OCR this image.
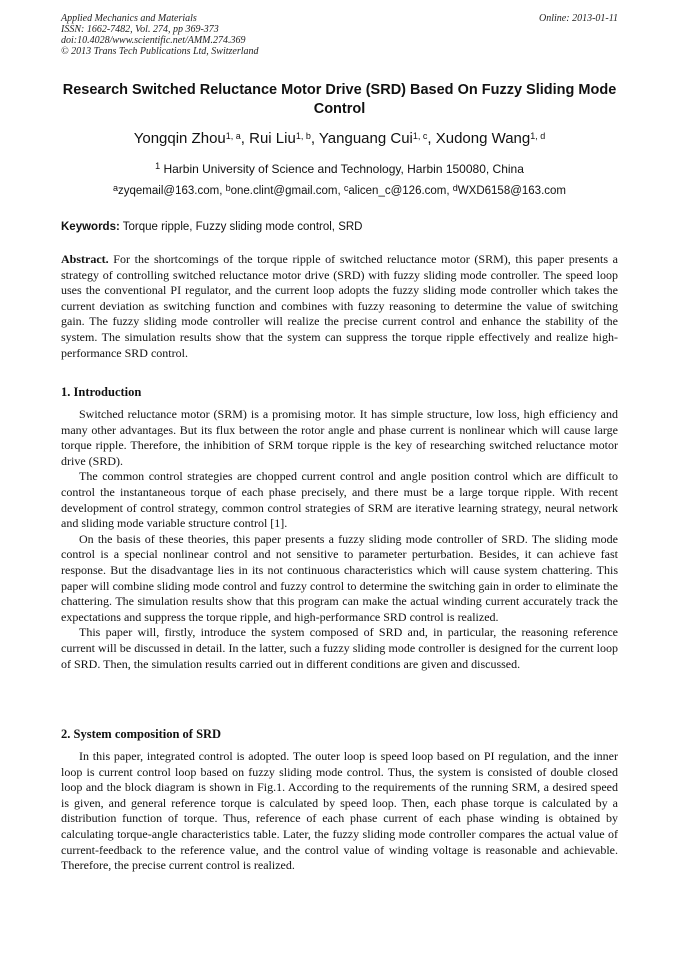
Applied Mechanics and Materials
ISSN: 1662-7482, Vol. 274, pp 369-373
doi:10.4028/www.scientific.net/AMM.274.369
© 2013 Trans Tech Publications Ltd, Switzerland
Online: 2013-01-11
Research Switched Reluctance Motor Drive (SRD) Based On Fuzzy Sliding Mode Control
Yongqin Zhou$^{1, a}$, Rui Liu$^{1, b}$, Yanguang Cui$^{1, c}$, Xudong Wang$^{1, d}$
$^1$ Harbin University of Science and Technology, Harbin 150080, China
$^a$zyqemail@163.com, $^b$one.clint@gmail.com, $^c$alicen_c@126.com, $^d$WXD6158@163.com
Keywords: Torque ripple, Fuzzy sliding mode control, SRD
Abstract. For the shortcomings of the torque ripple of switched reluctance motor (SRM), this paper presents a strategy of controlling switched reluctance motor drive (SRD) with fuzzy sliding mode controller. The speed loop uses the conventional PI regulator, and the current loop adopts the fuzzy sliding mode controller which takes the current deviation as switching function and combines with fuzzy reasoning to determine the value of switching gain. The fuzzy sliding mode controller will realize the precise current control and enhance the stability of the system. The simulation results show that the system can suppress the torque ripple effectively and realize high-performance SRD control.
1. Introduction

Switched reluctance motor (SRM) is a promising motor. It has simple structure, low loss, high efficiency and many other advantages. But its flux between the rotor angle and phase current is nonlinear which will cause large torque ripple. Therefore, the inhibition of SRM torque ripple is the key of researching switched reluctance motor drive (SRD).

The common control strategies are chopped current control and angle position control which are difficult to control the instantaneous torque of each phase precisely, and there must be a large torque ripple. With recent development of control strategy, common control strategies of SRM are iterative learning strategy, neural network and sliding mode variable structure control [1].

On the basis of these theories, this paper presents a fuzzy sliding mode controller of SRD. The sliding mode control is a special nonlinear control and not sensitive to parameter perturbation. Besides, it can achieve fast response. But the disadvantage lies in its not continuous characteristics which will cause system chattering. This paper will combine sliding mode control and fuzzy control to determine the switching gain in order to eliminate the chattering. The simulation results show that this program can make the actual winding current accurately track the expectations and suppress the torque ripple, and high-performance SRD control is realized.

This paper will, firstly, introduce the system composed of SRD and, in particular, the reasoning reference current will be discussed in detail. In the latter, such a fuzzy sliding mode controller is designed for the current loop of SRD. Then, the simulation results carried out in different conditions are given and discussed.

2. System composition of SRD

In this paper, integrated control is adopted. The outer loop is speed loop based on PI regulation, and the inner loop is current control loop based on fuzzy sliding mode control. Thus, the system is consisted of double closed loop and the block diagram is shown in Fig.1. According to the requirements of the running SRM, a desired speed is given, and general reference torque is calculated by speed loop. Then, each phase torque is calculated by a distribution function of torque. Thus, reference of each phase current of each phase winding is obtained by calculating torque-angle characteristics table. Later, the fuzzy sliding mode controller compares the actual value of current-feedback to the reference value, and the control value of winding voltage is reasonable and achievable. Therefore, the precise current control is realized.
